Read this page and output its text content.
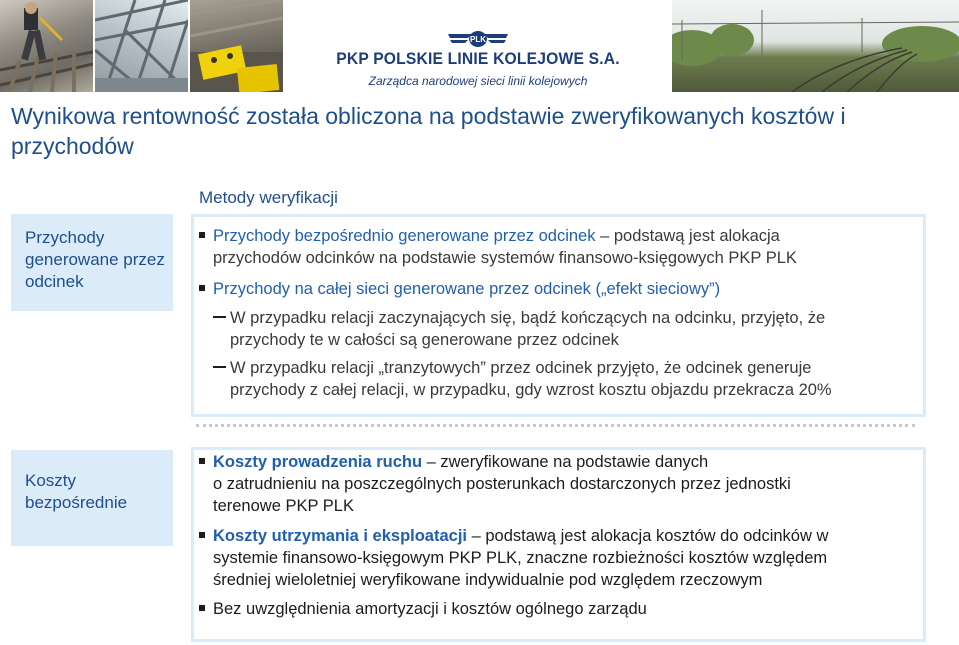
PLK
PKP POLSKIE LINIE KOLEJOWE S.A.
Zarządca narodowej sieci linii kolejowych
Wynikowa rentowność została obliczona na podstawie zweryfikowanych kosztów i przychodów
Metody weryfikacji
Przychody generowane przez odcinek
Przychody bezpośrednio generowane przez odcinek – podstawą jest alokacja
przychodów odcinków na podstawie systemów finansowo-księgowych PKP PLK
Przychody na całej sieci generowane przez odcinek („efekt sieciowy”)
W przypadku relacji zaczynających się, bądź kończących na odcinku, przyjęto, że
przychody te w całości są generowane przez odcinek
W przypadku relacji „tranzytowych” przez odcinek przyjęto, że odcinek generuje
przychody z całej relacji, w przypadku, gdy wzrost kosztu objazdu przekracza 20%
Koszty bezpośrednie
Koszty prowadzenia ruchu – zweryfikowane na podstawie danych
o zatrudnieniu na poszczególnych posterunkach dostarczonych przez jednostki
terenowe PKP PLK
Koszty utrzymania i eksploatacji – podstawą jest alokacja kosztów do odcinków w
systemie finansowo-księgowym PKP PLK, znaczne rozbieżności kosztów względem
średniej wieloletniej weryfikowane indywidualnie pod względem rzeczowym
Bez uwzględnienia amortyzacji i kosztów ogólnego zarządu
